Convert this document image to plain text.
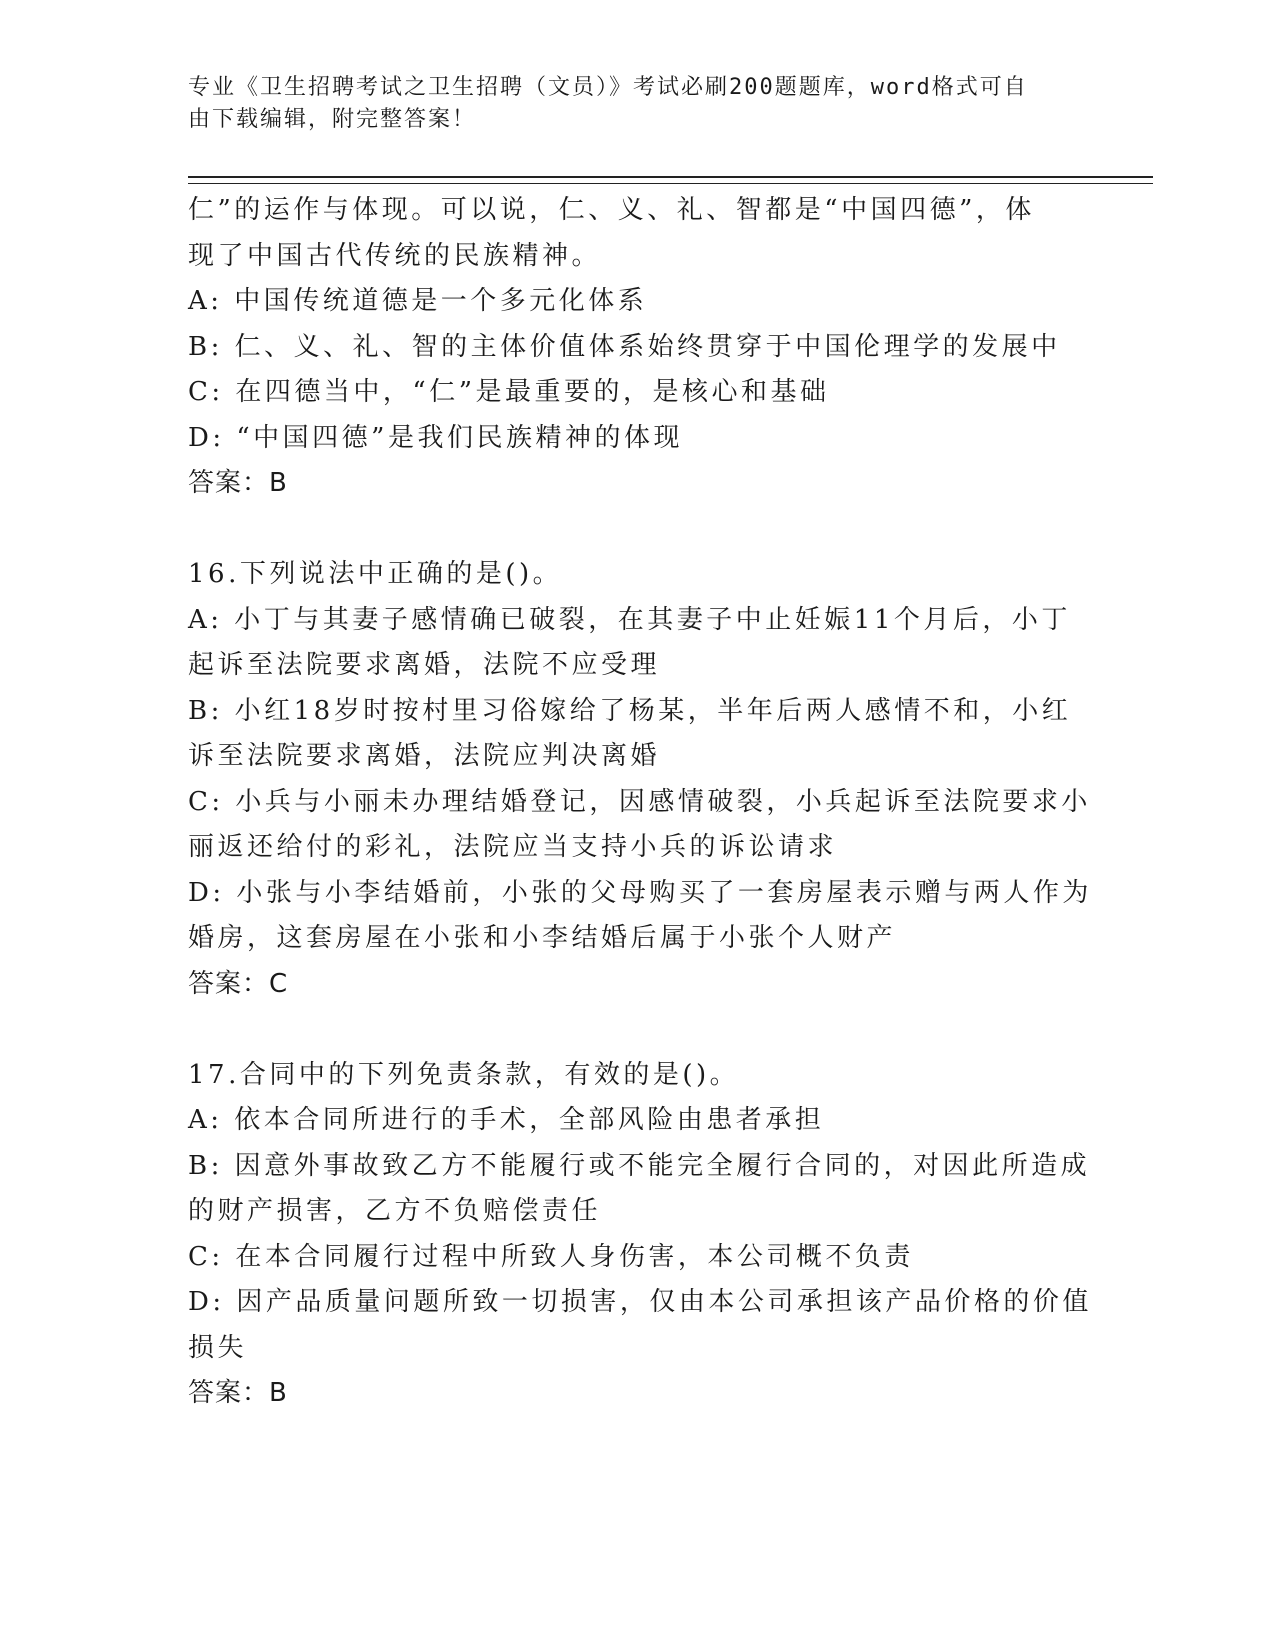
专业《卫生招聘考试之卫生招聘（文员）》考试必刷200题题库，word格式可自
由下载编辑，附完整答案！
仁”的运作与体现。可以说，仁、义、礼、智都是“中国四德”，体
现了中国古代传统的民族精神。
A: 中国传统道德是一个多元化体系
B: 仁、义、礼、智的主体价值体系始终贯穿于中国伦理学的发展中
C: 在四德当中，“仁”是最重要的，是核心和基础
D: “中国四德”是我们民族精神的体现
答案：B
16.下列说法中正确的是()。
A: 小丁与其妻子感情确已破裂，在其妻子中止妊娠11个月后，小丁
起诉至法院要求离婚，法院不应受理
B: 小红18岁时按村里习俗嫁给了杨某，半年后两人感情不和，小红
诉至法院要求离婚，法院应判决离婚
C: 小兵与小丽未办理结婚登记，因感情破裂，小兵起诉至法院要求小
丽返还给付的彩礼，法院应当支持小兵的诉讼请求
D: 小张与小李结婚前，小张的父母购买了一套房屋表示赠与两人作为
婚房，这套房屋在小张和小李结婚后属于小张个人财产
答案：C
17.合同中的下列免责条款，有效的是()。
A: 依本合同所进行的手术，全部风险由患者承担
B: 因意外事故致乙方不能履行或不能完全履行合同的，对因此所造成
的财产损害，乙方不负赔偿责任
C: 在本合同履行过程中所致人身伤害，本公司概不负责
D: 因产品质量问题所致一切损害，仅由本公司承担该产品价格的价值
损失
答案：B
